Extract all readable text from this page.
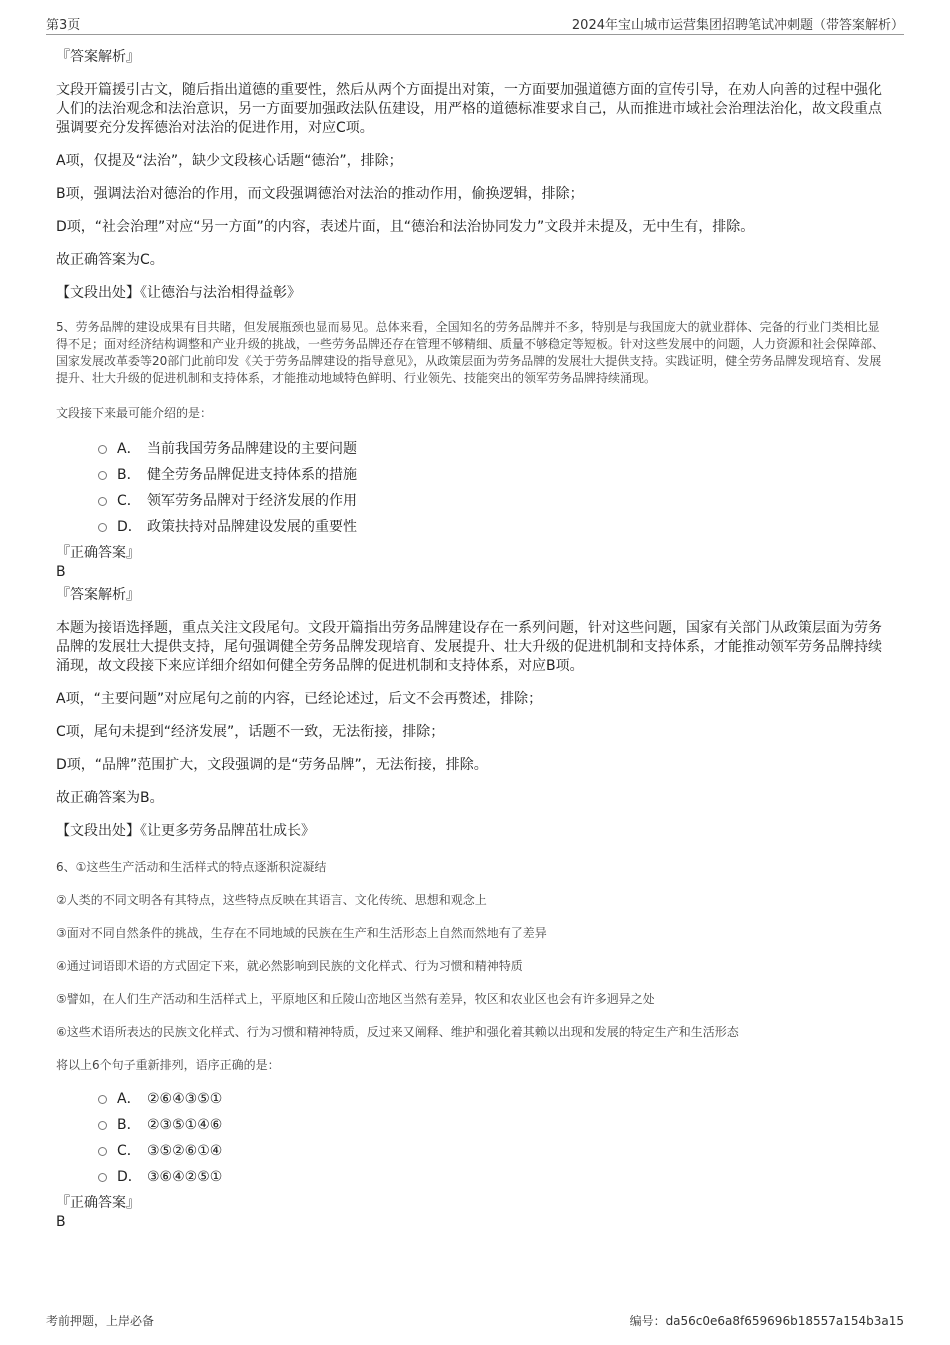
第3页	2024年宝山城市运营集团招聘笔试冲刺题（带答案解析）

『答案解析』

文段开篇援引古文，随后指出道德的重要性，然后从两个方面提出对策，一方面要加强道德方面的宣传引导，在劝人向善的过程中强化人们的法治观念和法治意识，另一方面要加强政法队伍建设，用严格的道德标准要求自己，从而推进市域社会治理法治化，故文段重点强调要充分发挥德治对法治的促进作用，对应C项。

A项，仅提及“法治”，缺少文段核心话题“德治”，排除；

B项，强调法治对德治的作用，而文段强调德治对法治的推动作用，偷换逻辑，排除；

D项，“社会治理”对应“另一方面”的内容，表述片面，且“德治和法治协同发力”文段并未提及，无中生有，排除。

故正确答案为C。

【文段出处】《让德治与法治相得益彰》

5、劳务品牌的建设成果有目共睹，但发展瓶颈也显而易见。总体来看，全国知名的劳务品牌并不多，特别是与我国庞大的就业群体、完备的行业门类相比显得不足；面对经济结构调整和产业升级的挑战，一些劳务品牌还存在管理不够精细、质量不够稳定等短板。针对这些发展中的问题，人力资源和社会保障部、国家发展改革委等20部门此前印发《关于劳务品牌建设的指导意见》，从政策层面为劳务品牌的发展壮大提供支持。实践证明，健全劳务品牌发现培育、发展提升、壮大升级的促进机制和支持体系，才能推动地域特色鲜明、行业领先、技能突出的领军劳务品牌持续涌现。

文段接下来最可能介绍的是：

A． 当前我国劳务品牌建设的主要问题
B． 健全劳务品牌促进支持体系的措施
C． 领军劳务品牌对于经济发展的作用
D． 政策扶持对品牌建设发展的重要性

『正确答案』

B

『答案解析』

本题为接语选择题，重点关注文段尾句。文段开篇指出劳务品牌建设存在一系列问题，针对这些问题，国家有关部门从政策层面为劳务品牌的发展壮大提供支持，尾句强调健全劳务品牌发现培育、发展提升、壮大升级的促进机制和支持体系，才能推动领军劳务品牌持续涌现，故文段接下来应详细介绍如何健全劳务品牌的促进机制和支持体系，对应B项。

A项，“主要问题”对应尾句之前的内容，已经论述过，后文不会再赘述，排除；

C项，尾句未提到“经济发展”，话题不一致，无法衔接，排除；

D项，“品牌”范围扩大，文段强调的是“劳务品牌”，无法衔接，排除。

故正确答案为B。

【文段出处】《让更多劳务品牌茁壮成长》

6、①这些生产活动和生活样式的特点逐渐积淀凝结

②人类的不同文明各有其特点，这些特点反映在其语言、文化传统、思想和观念上

③面对不同自然条件的挑战，生存在不同地域的民族在生产和生活形态上自然而然地有了差异

④通过词语即术语的方式固定下来，就必然影响到民族的文化样式、行为习惯和精神特质

⑤譬如，在人们生产活动和生活样式上，平原地区和丘陵山峦地区当然有差异，牧区和农业区也会有许多迥异之处

⑥这些术语所表达的民族文化样式、行为习惯和精神特质，反过来又阐释、维护和强化着其赖以出现和发展的特定生产和生活形态

将以上6个句子重新排列，语序正确的是：

A． ②⑥④③⑤①
B． ②③⑤①④⑥
C． ③⑤②⑥①④
D． ③⑥④②⑤①

『正确答案』

B

考前押题，上岸必备	编号：da56c0e6a8f659696b18557a154b3a15
